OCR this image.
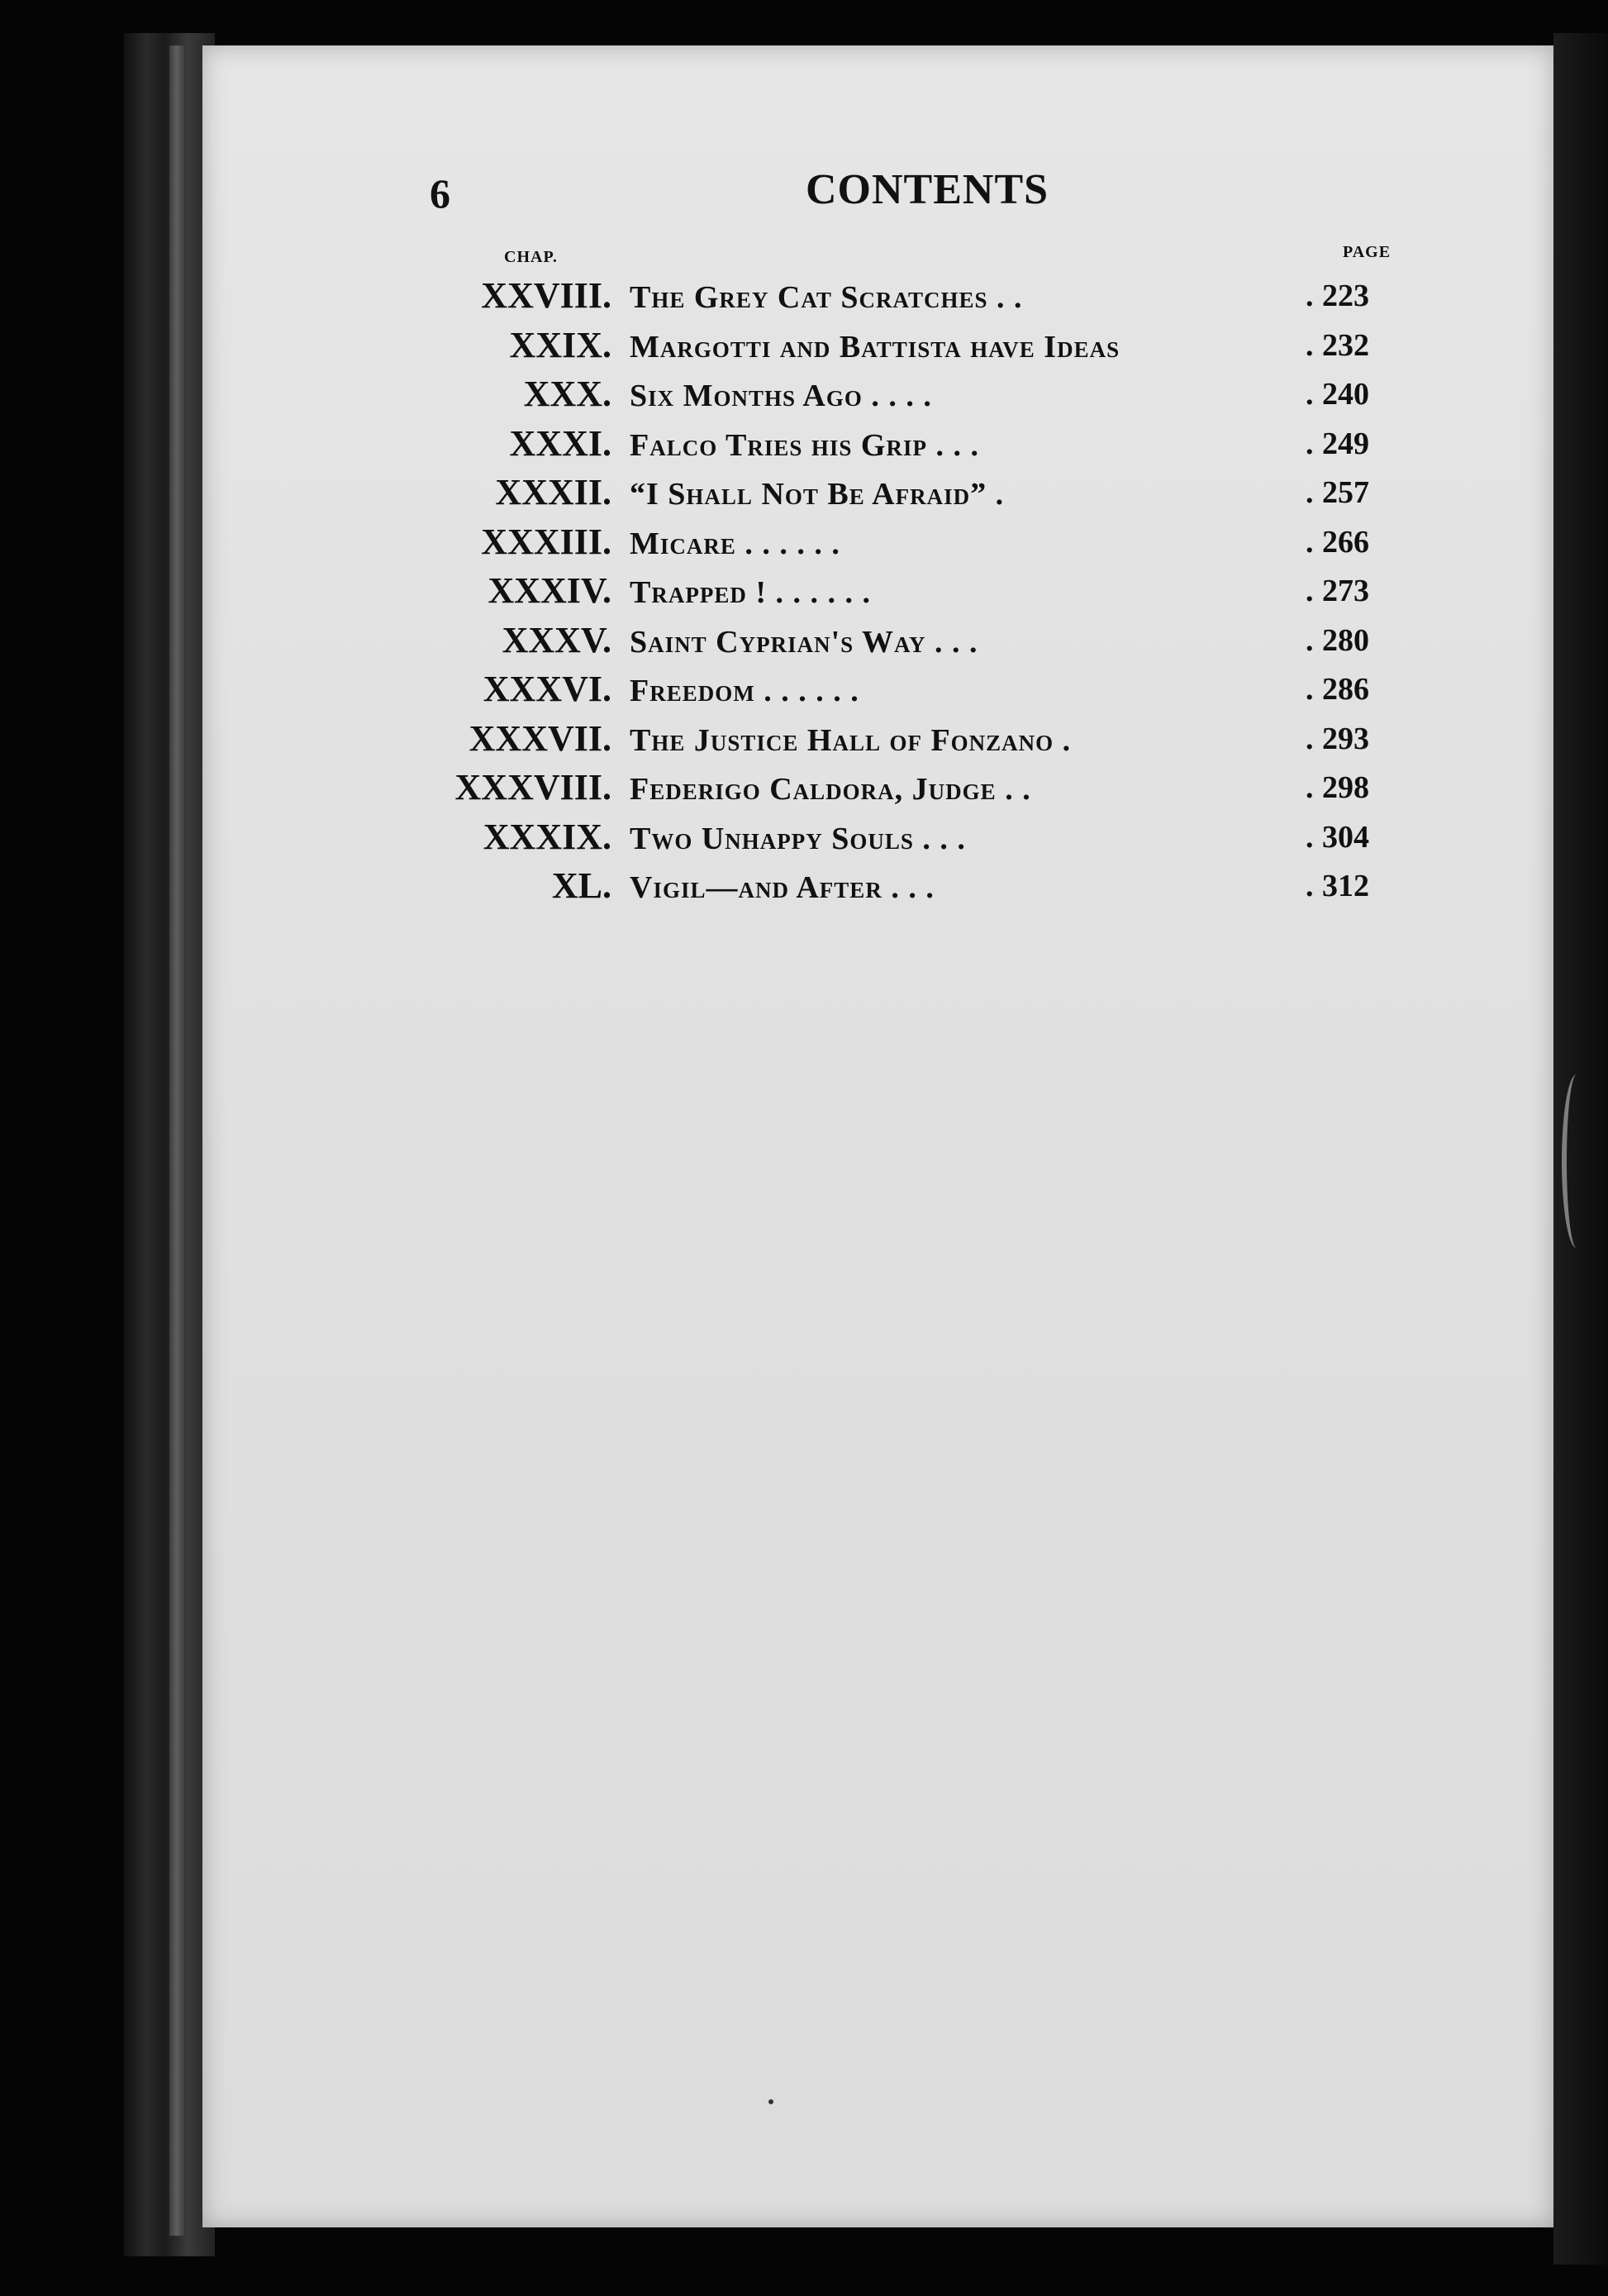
6	CONTENTS
CHAP.	PAGE
XXVIII. The Grey Cat Scratches . .	. 223
XXIX. Margotti and Battista have Ideas	. 232
XXX. Six Months Ago . . . .	. 240
XXXI. Falco Tries his Grip . . .	. 249
XXXII. “I Shall Not Be Afraid” .	. 257
XXXIII. Micare . . . . . .	. 266
XXXIV. Trapped ! . . . . . .	. 273
XXXV. Saint Cyprian's Way . . .	. 280
XXXVI. Freedom . . . . . .	. 286
XXXVII. The Justice Hall of Fonzano .	. 293
XXXVIII. Federigo Caldora, Judge . .	. 298
XXXIX. Two Unhappy Souls . . .	. 304
XL. Vigil—and After . . .	. 312
